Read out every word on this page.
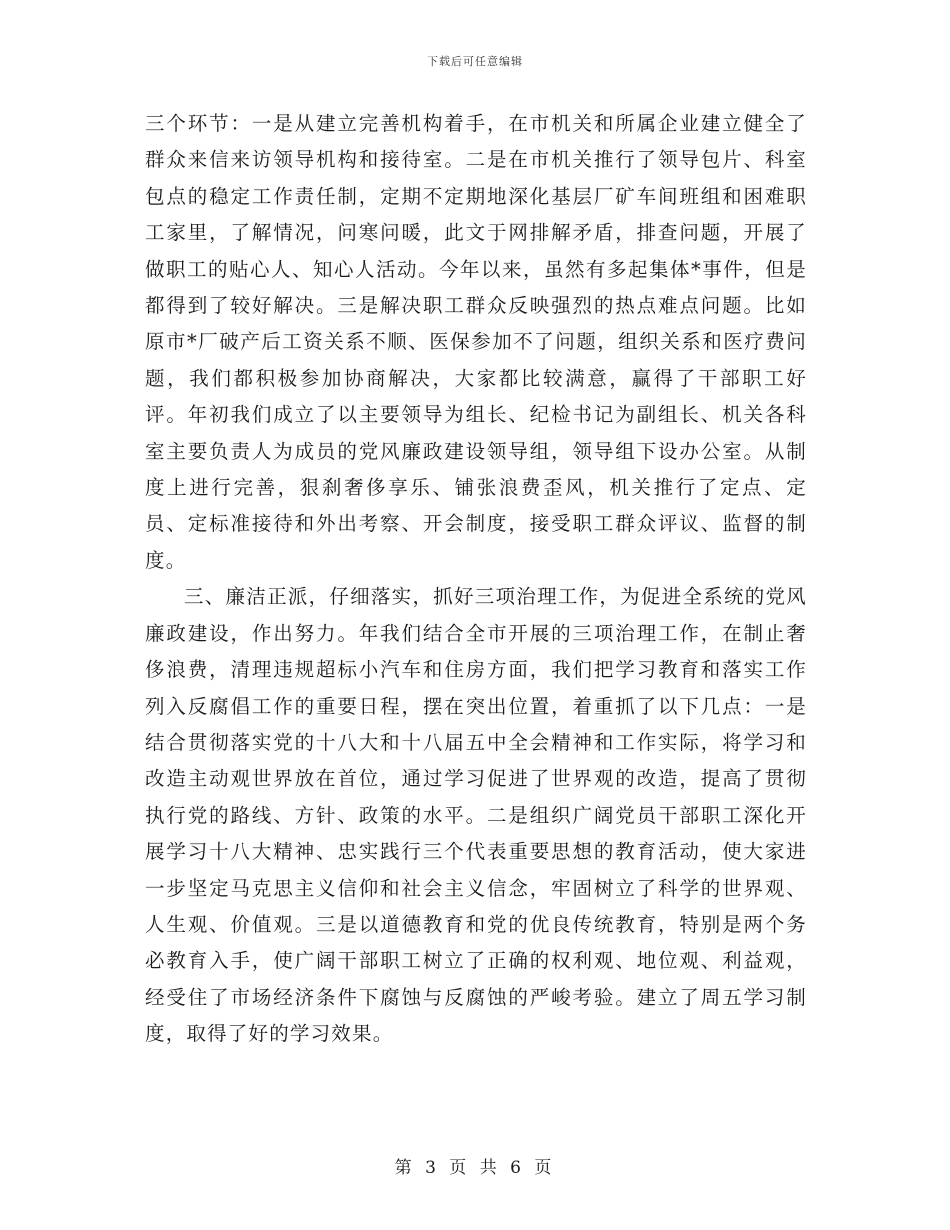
下载后可任意编辑

三个环节：一是从建立完善机构着手，在市机关和所属企业建立健全了群众来信来访领导机构和接待室。二是在市机关推行了领导包片、科室包点的稳定工作责任制，定期不定期地深化基层厂矿车间班组和困难职工家里，了解情况，问寒问暖，此文于网排解矛盾，排查问题，开展了做职工的贴心人、知心人活动。今年以来，虽然有多起集体*事件，但是都得到了较好解决。三是解决职工群众反映强烈的热点难点问题。比如原市*厂破产后工资关系不顺、医保参加不了问题，组织关系和医疗费问题，我们都积极参加协商解决，大家都比较满意，赢得了干部职工好评。年初我们成立了以主要领导为组长、纪检书记为副组长、机关各科室主要负责人为成员的党风廉政建设领导组，领导组下设办公室。从制度上进行完善，狠刹奢侈享乐、铺张浪费歪风，机关推行了定点、定员、定标准接待和外出考察、开会制度，接受职工群众评议、监督的制度。

三、廉洁正派，仔细落实，抓好三项治理工作，为促进全系统的党风廉政建设，作出努力。年我们结合全市开展的三项治理工作，在制止奢侈浪费，清理违规超标小汽车和住房方面，我们把学习教育和落实工作列入反腐倡工作的重要日程，摆在突出位置，着重抓了以下几点：一是结合贯彻落实党的十八大和十八届五中全会精神和工作实际，将学习和改造主动观世界放在首位，通过学习促进了世界观的改造，提高了贯彻执行党的路线、方针、政策的水平。二是组织广阔党员干部职工深化开展学习十八大精神、忠实践行三个代表重要思想的教育活动，使大家进一步坚定马克思主义信仰和社会主义信念，牢固树立了科学的世界观、人生观、价值观。三是以道德教育和党的优良传统教育，特别是两个务必教育入手，使广阔干部职工树立了正确的权利观、地位观、利益观，经受住了市场经济条件下腐蚀与反腐蚀的严峻考验。建立了周五学习制度，取得了好的学习效果。

第 3 页 共 6 页
